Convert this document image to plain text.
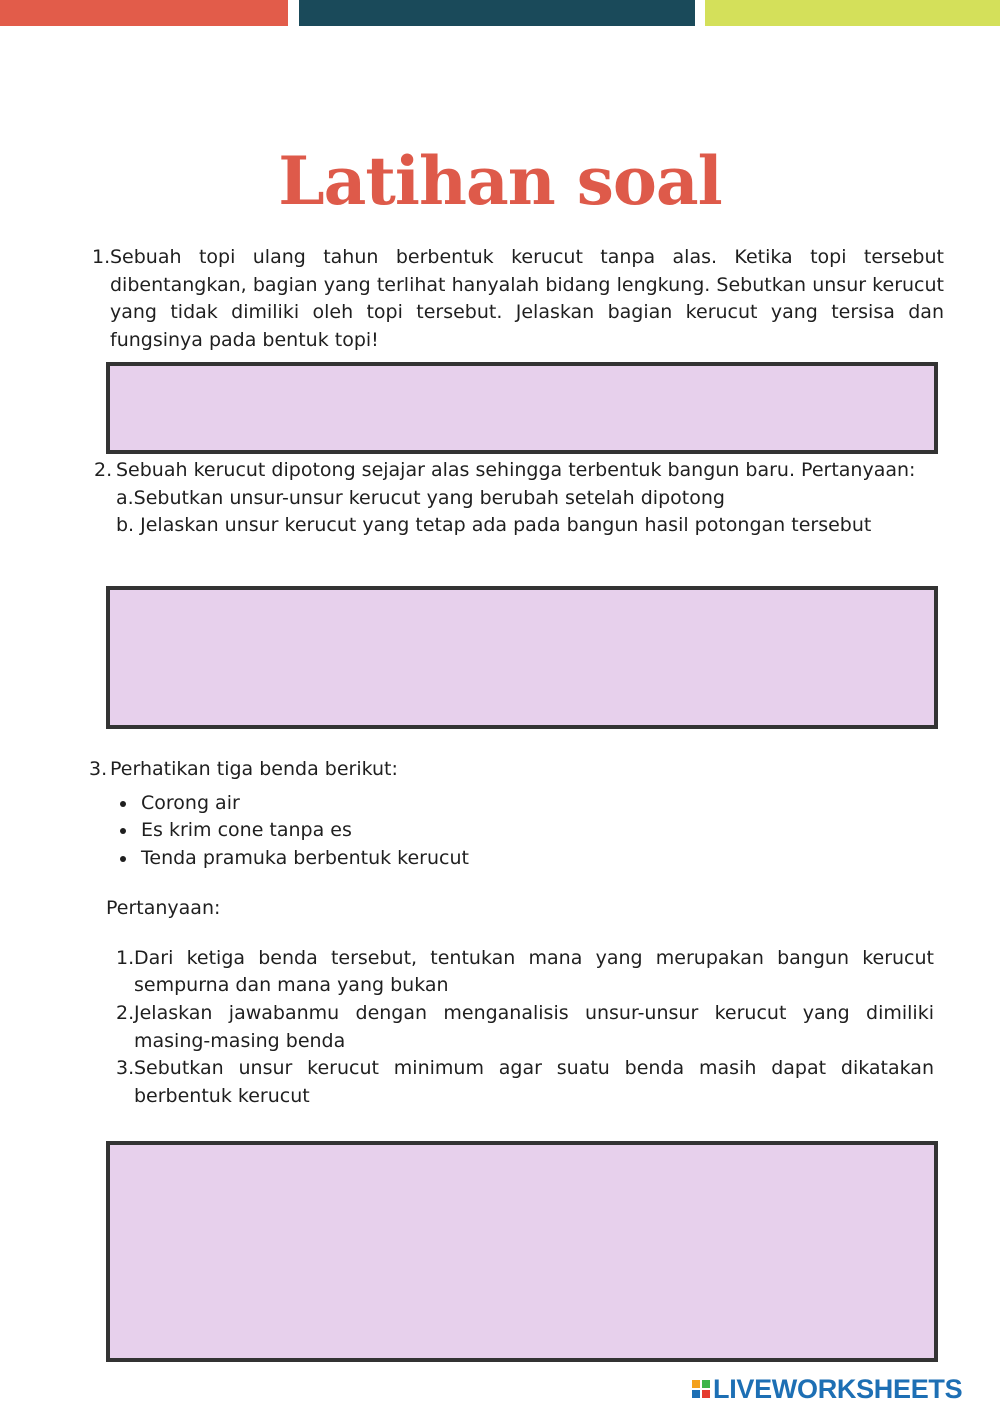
Latihan soal
1. Sebuah topi ulang tahun berbentuk kerucut tanpa alas. Ketika topi tersebut dibentangkan, bagian yang terlihat hanyalah bidang lengkung. Sebutkan unsur kerucut yang tidak dimiliki oleh topi tersebut. Jelaskan bagian kerucut yang tersisa dan fungsinya pada bentuk topi!
2. Sebuah kerucut dipotong sejajar alas sehingga terbentuk bangun baru. Pertanyaan:
a.Sebutkan unsur-unsur kerucut yang berubah setelah dipotong
b. Jelaskan unsur kerucut yang tetap ada pada bangun hasil potongan tersebut
3. Perhatikan tiga benda berikut:
Corong air
Es krim cone tanpa es
Tenda pramuka berbentuk kerucut
Pertanyaan:
1. Dari ketiga benda tersebut, tentukan mana yang merupakan bangun kerucut sempurna dan mana yang bukan
2. Jelaskan jawabanmu dengan menganalisis unsur-unsur kerucut yang dimiliki masing-masing benda
3. Sebutkan unsur kerucut minimum agar suatu benda masih dapat dikatakan berbentuk kerucut
LIVEWORKSHEETS
